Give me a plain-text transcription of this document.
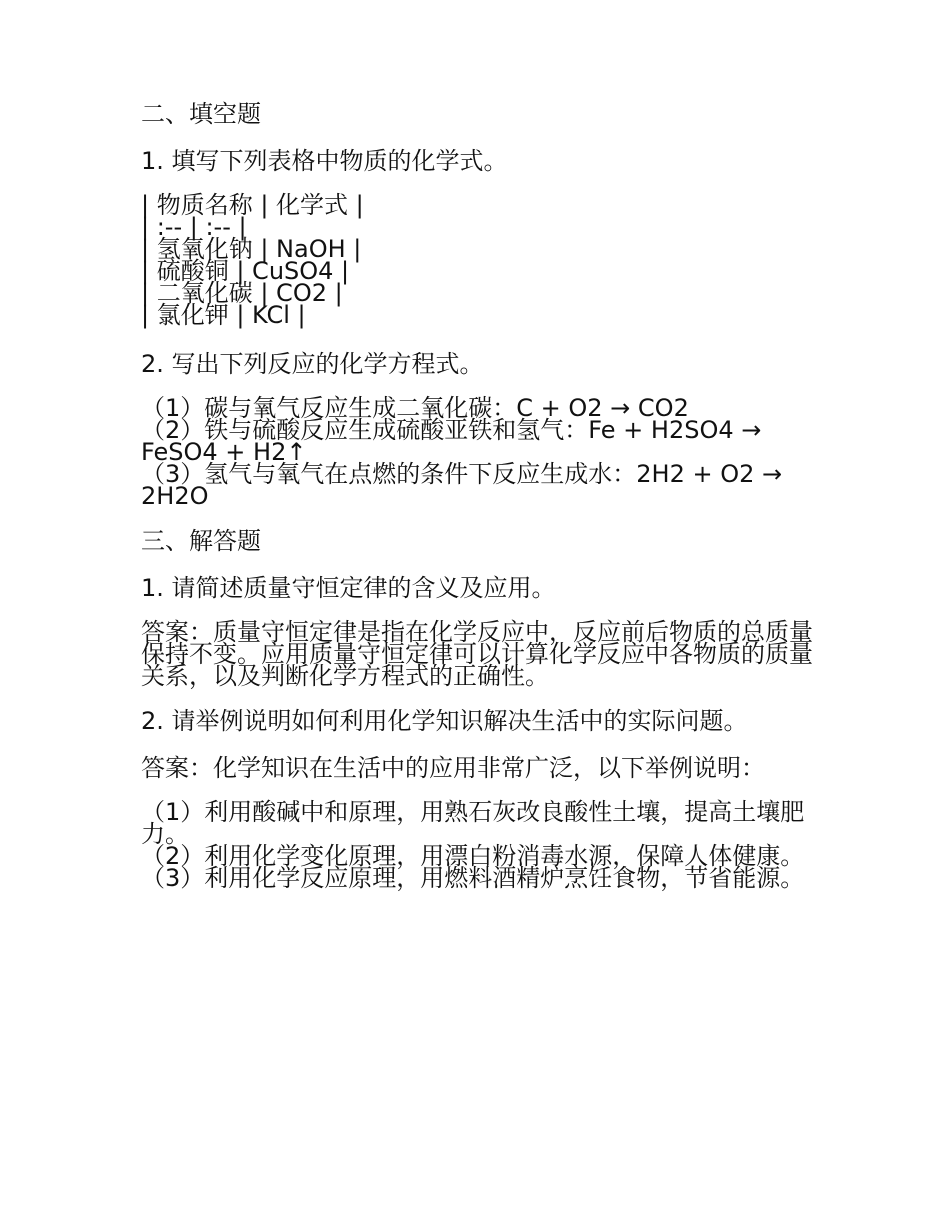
二、填空题

1. 填写下列表格中物质的化学式。

| 物质名称 | 化学式 |

| :-- | :-- |

| 氢氧化钠 | NaOH |

| 硫酸铜 | CuSO4 |

| 二氧化碳 | CO2 |

| 氯化钾 | KCl |

2. 写出下列反应的化学方程式。

（1）碳与氧气反应生成二氧化碳：C + O2 → CO2

（2）铁与硫酸反应生成硫酸亚铁和氢气：Fe + H2SO4 → FeSO4 + H2↑

（3）氢气与氧气在点燃的条件下反应生成水：2H2 + O2 → 2H2O

三、解答题

1. 请简述质量守恒定律的含义及应用。

答案：质量守恒定律是指在化学反应中，反应前后物质的总质量保持不变。应用质量守恒定律可以计算化学反应中各物质的质量关系，以及判断化学方程式的正确性。

2. 请举例说明如何利用化学知识解决生活中的实际问题。

答案：化学知识在生活中的应用非常广泛，以下举例说明：

（1）利用酸碱中和原理，用熟石灰改良酸性土壤，提高土壤肥力。

（2）利用化学变化原理，用漂白粉消毒水源，保障人体健康。

（3）利用化学反应原理，用燃料酒精炉烹饪食物，节省能源。
